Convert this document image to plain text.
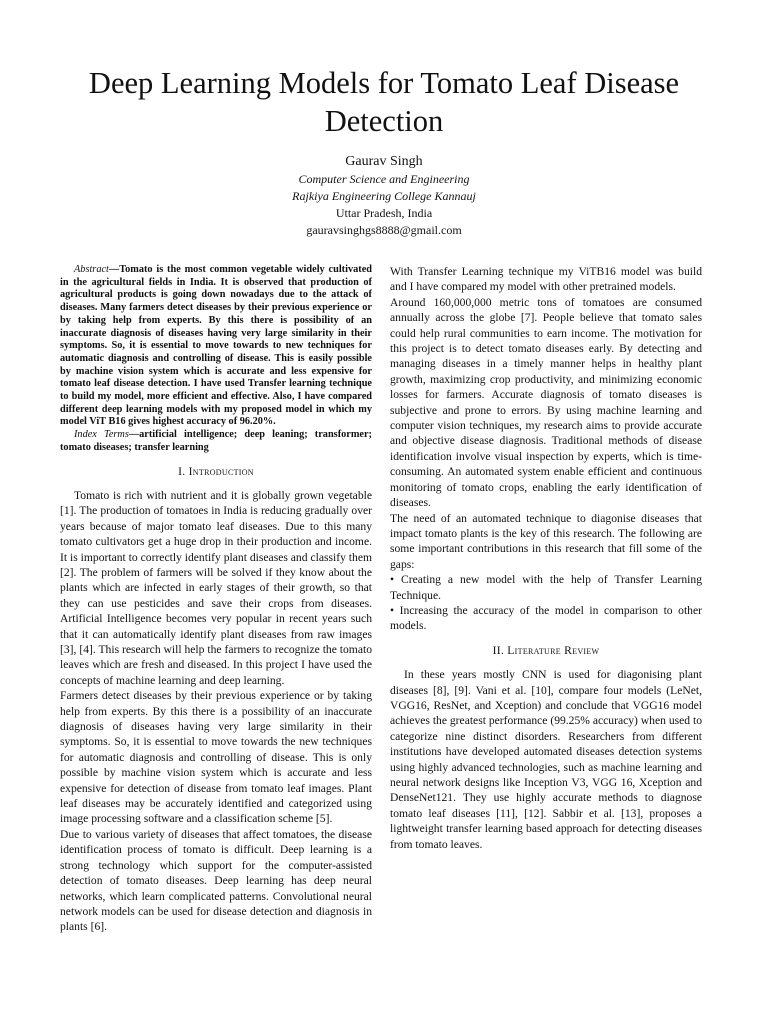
Deep Learning Models for Tomato Leaf Disease Detection
Gaurav Singh
Computer Science and Engineering
Rajkiya Engineering College Kannauj
Uttar Pradesh, India
gauravsinghgs8888@gmail.com

Abstract—Tomato is the most common vegetable widely cultivated in the agricultural fields in India. It is observed that production of agricultural products is going down nowadays due to the attack of diseases. Many farmers detect diseases by their previous experience or by taking help from experts. By this there is possibility of an inaccurate diagnosis of diseases having very large similarity in their symptoms. So, it is essential to move towards to new techniques for automatic diagnosis and controlling of disease. This is easily possible by machine vision system which is accurate and less expensive for tomato leaf disease detection. I have used Transfer learning technique to build my model, more efficient and effective. Also, I have compared different deep learning models with my proposed model in which my model ViT B16 gives highest accuracy of 96.20%.

Index Terms—artificial intelligence; deep leaning; transformer; tomato diseases; transfer learning

I. Introduction

Tomato is rich with nutrient and it is globally grown vegetable [1]. The production of tomatoes in India is reducing gradually over years because of major tomato leaf diseases. Due to this many tomato cultivators get a huge drop in their production and income. It is important to correctly identify plant diseases and classify them [2]. The problem of farmers will be solved if they know about the plants which are infected in early stages of their growth, so that they can use pesticides and save their crops from diseases. Artificial Intelligence becomes very popular in recent years such that it can automatically identify plant diseases from raw images [3], [4]. This research will help the farmers to recognize the tomato leaves which are fresh and diseased. In this project I have used the concepts of machine learning and deep learning.

Farmers detect diseases by their previous experience or by taking help from experts. By this there is a possibility of an inaccurate diagnosis of diseases having very large similarity in their symptoms. So, it is essential to move towards the new techniques for automatic diagnosis and controlling of disease. This is only possible by machine vision system which is accurate and less expensive for detection of disease from tomato leaf images. Plant leaf diseases may be accurately identified and categorized using image processing software and a classification scheme [5].

Due to various variety of diseases that affect tomatoes, the disease identification process of tomato is difficult. Deep learning is a strong technology which support for the computer-assisted detection of tomato diseases. Deep learning has deep neural networks, which learn complicated patterns. Convolutional neural network models can be used for disease detection and diagnosis in plants [6].

With Transfer Learning technique my ViTB16 model was build and I have compared my model with other pretrained models.

Around 160,000,000 metric tons of tomatoes are consumed annually across the globe [7]. People believe that tomato sales could help rural communities to earn income. The motivation for this project is to detect tomato diseases early. By detecting and managing diseases in a timely manner helps in healthy plant growth, maximizing crop productivity, and minimizing economic losses for farmers. Accurate diagnosis of tomato diseases is subjective and prone to errors. By using machine learning and computer vision techniques, my research aims to provide accurate and objective disease diagnosis. Traditional methods of disease identification involve visual inspection by experts, which is time-consuming. An automated system enable efficient and continuous monitoring of tomato crops, enabling the early identification of diseases.

The need of an automated technique to diagonise diseases that impact tomato plants is the key of this research. The following are some important contributions in this research that fill some of the gaps:

• Creating a new model with the help of Transfer Learning Technique.

• Increasing the accuracy of the model in comparison to other models.

II. Literature Review

In these years mostly CNN is used for diagonising plant diseases [8], [9]. Vani et al. [10], compare four models (LeNet, VGG16, ResNet, and Xception) and conclude that VGG16 model achieves the greatest performance (99.25% accuracy) when used to categorize nine distinct disorders. Researchers from different institutions have developed automated diseases detection systems using highly advanced technologies, such as machine learning and neural network designs like Inception V3, VGG 16, Xception and DenseNet121. They use highly accurate methods to diagnose tomato leaf diseases [11], [12]. Sabbir et al. [13], proposes a lightweight transfer learning based approach for detecting diseases from tomato leaves.
